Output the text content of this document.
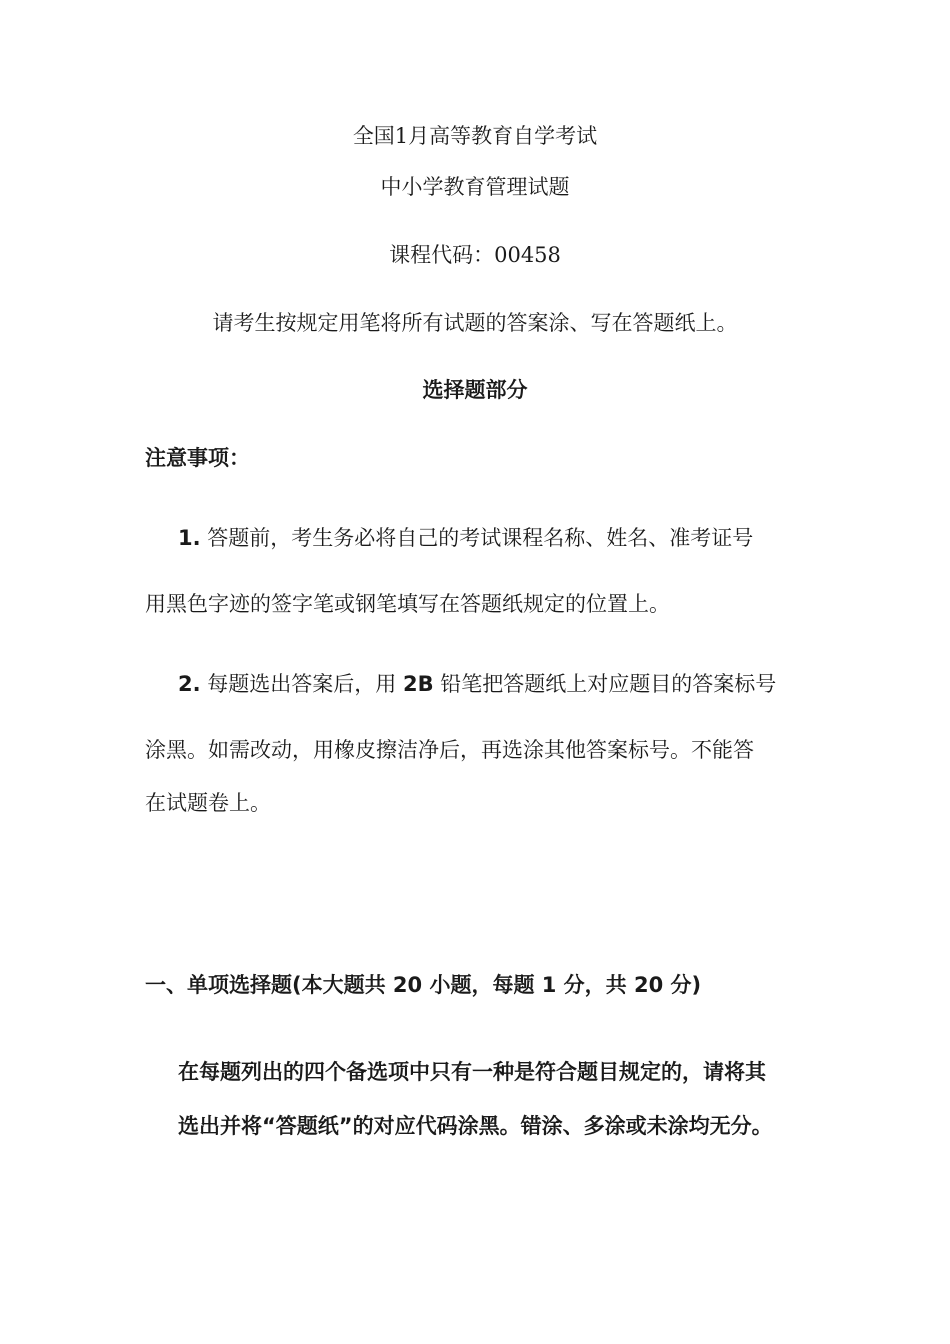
全国1月高等教育自学考试
中小学教育管理试题
课程代码：00458
请考生按规定用笔将所有试题的答案涂、写在答题纸上。
选择题部分
注意事项：
1. 答题前，考生务必将自己的考试课程名称、姓名、准考证号
用黑色字迹的签字笔或钢笔填写在答题纸规定的位置上。
2. 每题选出答案后，用 2B 铅笔把答题纸上对应题目的答案标号
涂黑。如需改动，用橡皮擦洁净后，再选涂其他答案标号。不能答
在试题卷上。
一、单项选择题(本大题共 20 小题，每题 1 分，共 20 分)
在每题列出的四个备选项中只有一种是符合题目规定的，请将其
选出并将“答题纸”的对应代码涂黑。错涂、多涂或未涂均无分。
